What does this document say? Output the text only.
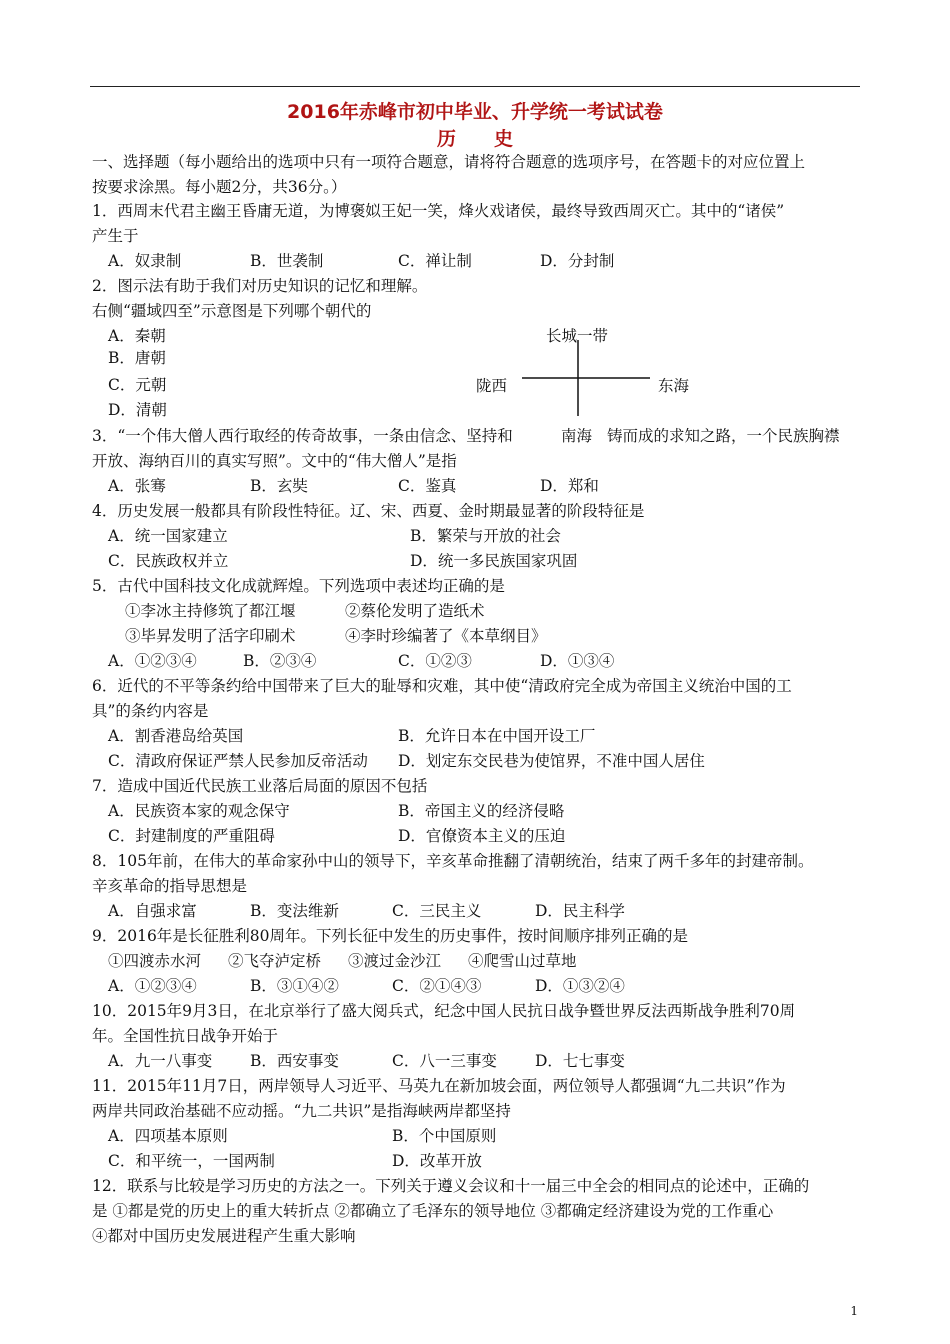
2016年赤峰市初中毕业、升学统一考试试卷
历　　史
一、选择题（每小题给出的选项中只有一项符合题意，请将符合题意的选项序号，在答题卡的对应位置上
按要求涂黑。每小题2分，共36分。）
1．西周末代君主幽王昏庸无道，为博褒姒王妃一笑，烽火戏诸侯，最终导致西周灭亡。其中的“诸侯”
产生于
A．奴隶制	B．世袭制	C．禅让制	D．分封制
2．图示法有助于我们对历史知识的记忆和理解。
右侧“疆域四至”示意图是下列哪个朝代的
A．秦朝
B．唐朝
C．元朝
D．清朝
长城一带
陇西	东海
南海
3．“一个伟大僧人西行取经的传奇故事，一条由信念、坚持和	铸而成的求知之路，一个民族胸襟
开放、海纳百川的真实写照”。文中的“伟大僧人”是指
A．张骞	B．玄奘	C．鉴真	D．郑和
4．历史发展一般都具有阶段性特征。辽、宋、西夏、金时期最显著的阶段特征是
A．统一国家建立	B．繁荣与开放的社会
C．民族政权并立	D．统一多民族国家巩固
5．古代中国科技文化成就辉煌。下列选项中表述均正确的是
①李冰主持修筑了都江堰	②蔡伦发明了造纸术
③毕昇发明了活字印刷术	④李时珍编著了《本草纲目》
A．①②③④	B．②③④	C．①②③	D．①③④
6．近代的不平等条约给中国带来了巨大的耻辱和灾难，其中使“清政府完全成为帝国主义统治中国的工
具”的条约内容是
A．割香港岛给英国	B．允许日本在中国开设工厂
C．清政府保证严禁人民参加反帝活动 D．划定东交民巷为使馆界，不准中国人居住
7．造成中国近代民族工业落后局面的原因不包括
A．民族资本家的观念保守	B．帝国主义的经济侵略
C．封建制度的严重阻碍	D．官僚资本主义的压迫
8．105年前，在伟大的革命家孙中山的领导下，辛亥革命推翻了清朝统治，结束了两千多年的封建帝制。
辛亥革命的指导思想是
A．自强求富	B．变法维新	C．三民主义	D．民主科学
9．2016年是长征胜利80周年。下列长征中发生的历史事件，按时间顺序排列正确的是
①四渡赤水河 ②飞夺泸定桥 ③渡过金沙江 ④爬雪山过草地
A．①②③④	B．③①④②	C．②①④③	D．①③②④
10．2015年9月3日，在北京举行了盛大阅兵式，纪念中国人民抗日战争暨世界反法西斯战争胜利70周
年。全国性抗日战争开始于
A．九一八事变 B．西安事变	C．八一三事变 D．七七事变
11．2015年11月7日，两岸领导人习近平、马英九在新加坡会面，两位领导人都强调“九二共识”作为
两岸共同政治基础不应动摇。“九二共识”是指海峡两岸都坚持
A．四项基本原则	B．个中国原则
C．和平统一，一国两制	D．改革开放
12．联系与比较是学习历史的方法之一。下列关于遵义会议和十一届三中全会的相同点的论述中，正确的
是 ①都是党的历史上的重大转折点 ②都确立了毛泽东的领导地位 ③都确定经济建设为党的工作重心
④都对中国历史发展进程产生重大影响
1
